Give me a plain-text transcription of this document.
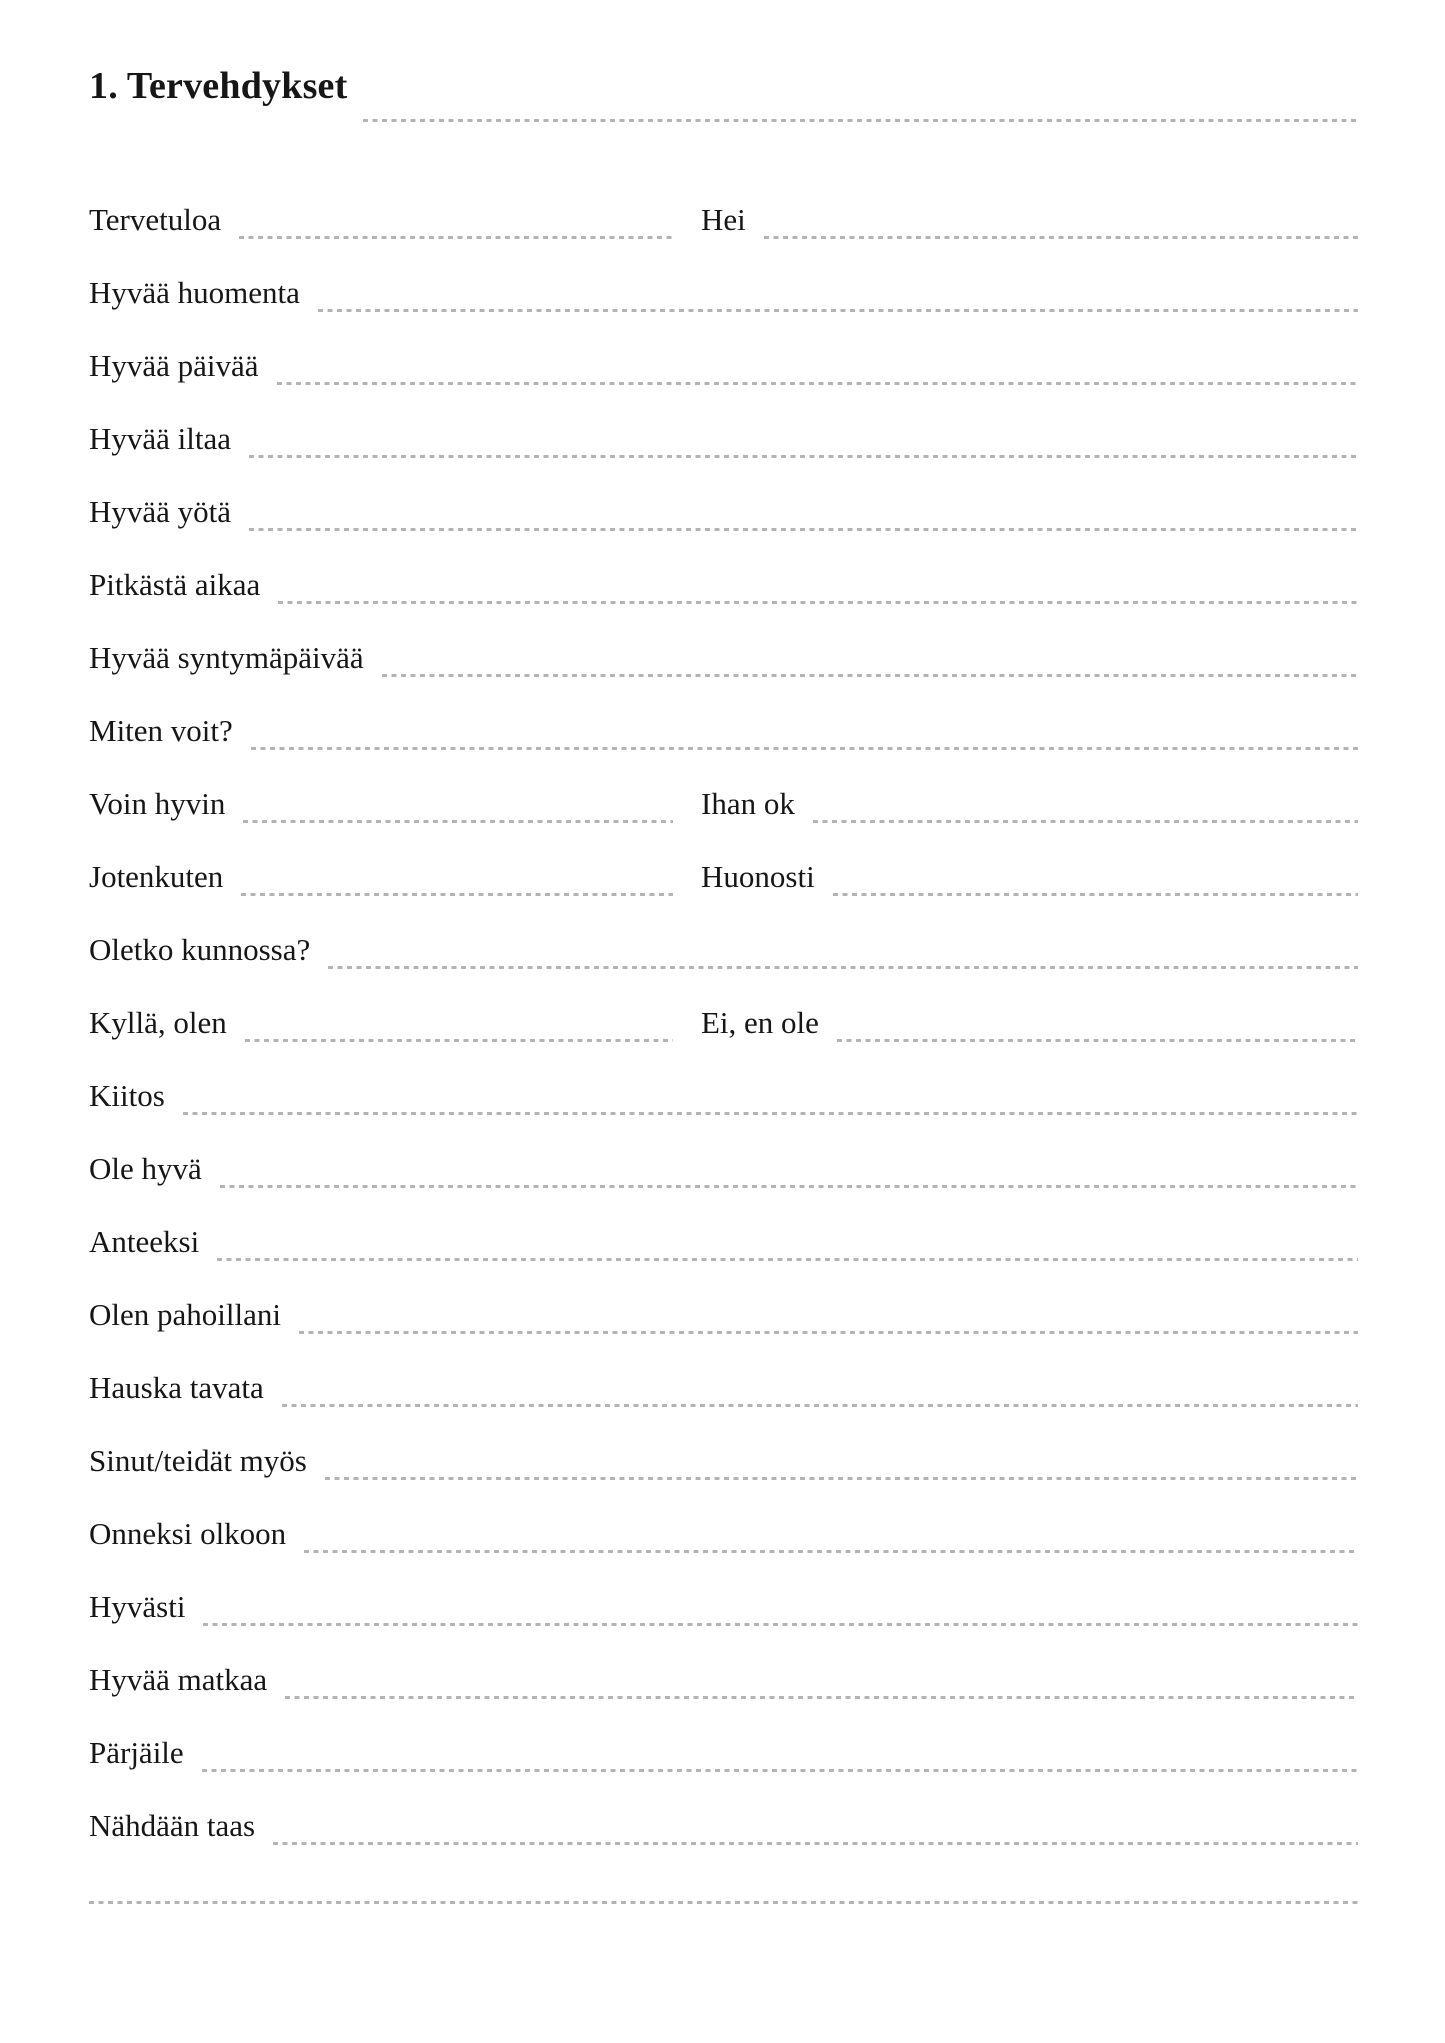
1. Tervehdykset
Tervetuloa	Hei
Hyvää huomenta
Hyvää päivää
Hyvää iltaa
Hyvää yötä
Pitkästä aikaa
Hyvää syntymäpäivää
Miten voit?
Voin hyvin	Ihan ok
Jotenkuten	Huonosti
Oletko kunnossa?
Kyllä, olen	Ei, en ole
Kiitos
Ole hyvä
Anteeksi
Olen pahoillani
Hauska tavata
Sinut/teidät myös
Onneksi olkoon
Hyvästi
Hyvää matkaa
Pärjäile
Nähdään taas
